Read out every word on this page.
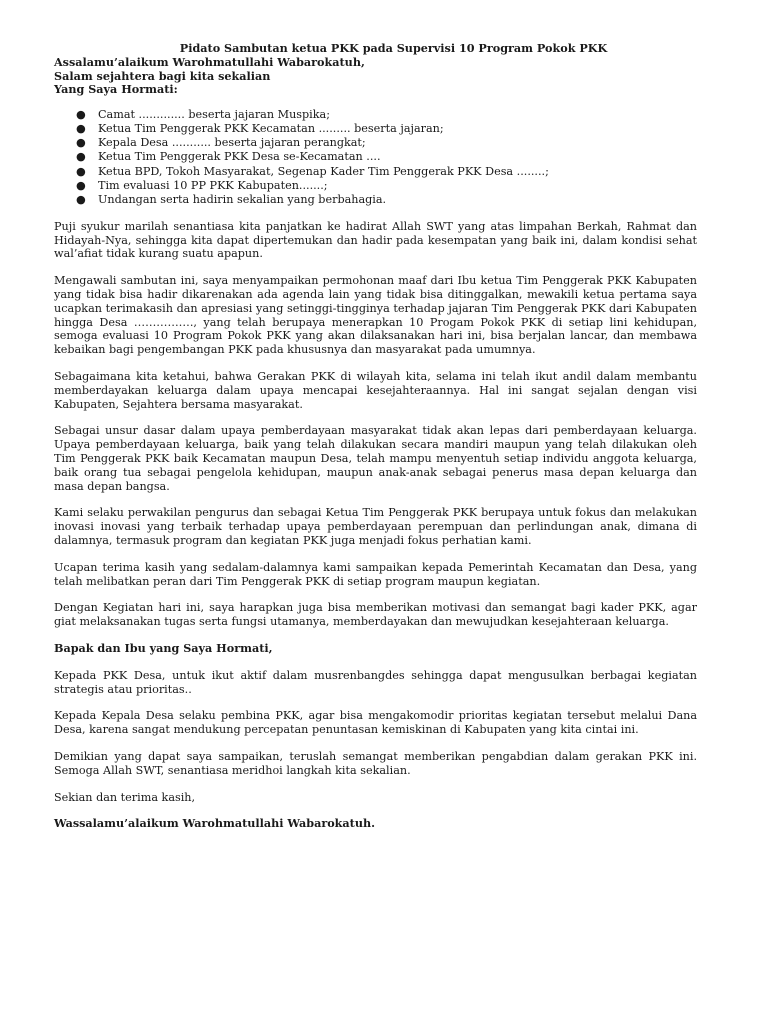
Pidato Sambutan ketua PKK pada Supervisi 10 Program Pokok PKK

Assalamu’alaikum Warohmatullahi Wabarokatuh,

Salam sejahtera bagi kita sekalian

Yang Saya Hormati:

● Camat ............. beserta jajaran Muspika;
● Ketua Tim Penggerak PKK Kecamatan ......... beserta jajaran;
● Kepala Desa ........... beserta jajaran perangkat;
● Ketua Tim Penggerak PKK Desa se-Kecamatan ....
● Ketua BPD, Tokoh Masyarakat, Segenap Kader Tim Penggerak PKK Desa ........;
● Tim evaluasi 10 PP PKK Kabupaten.......;
● Undangan serta hadirin sekalian yang berbahagia.

Puji syukur marilah senantiasa kita panjatkan ke hadirat Allah SWT yang atas limpahan Berkah, Rahmat dan Hidayah-Nya, sehingga kita dapat dipertemukan dan hadir pada kesempatan yang baik ini, dalam kondisi sehat wal’afiat tidak kurang suatu apapun.

Mengawali sambutan ini, saya menyampaikan permohonan maaf dari Ibu ketua Tim Penggerak PKK Kabupaten yang tidak bisa hadir dikarenakan ada agenda lain yang tidak bisa ditinggalkan, mewakili ketua pertama saya ucapkan terimakasih dan apresiasi yang setinggi-tingginya terhadap jajaran Tim Penggerak PKK dari Kabupaten hingga Desa ……………., yang telah berupaya menerapkan 10 Progam Pokok PKK di setiap lini kehidupan, semoga evaluasi 10 Program Pokok PKK yang akan dilaksanakan hari ini, bisa berjalan lancar, dan membawa kebaikan bagi pengembangan PKK pada khususnya dan masyarakat pada umumnya.

Sebagaimana kita ketahui, bahwa Gerakan PKK di wilayah kita, selama ini telah ikut andil dalam membantu memberdayakan keluarga dalam upaya mencapai kesejahteraannya. Hal ini sangat sejalan dengan visi Kabupaten, Sejahtera bersama masyarakat.

Sebagai unsur dasar dalam upaya pemberdayaan masyarakat tidak akan lepas dari pemberdayaan keluarga. Upaya pemberdayaan keluarga, baik yang telah dilakukan secara mandiri maupun yang telah dilakukan oleh Tim Penggerak PKK baik Kecamatan maupun Desa, telah mampu menyentuh setiap individu anggota keluarga, baik orang tua sebagai pengelola kehidupan, maupun anak-anak sebagai penerus masa depan keluarga dan masa depan bangsa.

Kami selaku perwakilan pengurus dan sebagai Ketua Tim Penggerak PKK berupaya untuk fokus dan melakukan inovasi inovasi yang terbaik terhadap upaya pemberdayaan perempuan dan perlindungan anak, dimana di dalamnya, termasuk program dan kegiatan PKK juga menjadi fokus perhatian kami.

Ucapan terima kasih yang sedalam-dalamnya kami sampaikan kepada Pemerintah Kecamatan dan Desa, yang telah melibatkan peran dari Tim Penggerak PKK di setiap program maupun kegiatan.

Dengan Kegiatan hari ini, saya harapkan juga bisa memberikan motivasi dan semangat bagi kader PKK, agar giat melaksanakan tugas serta fungsi utamanya, memberdayakan dan mewujudkan kesejahteraan keluarga.

Bapak dan Ibu yang Saya Hormati,

Kepada PKK Desa, untuk ikut aktif dalam musrenbangdes sehingga dapat mengusulkan berbagai kegiatan strategis atau prioritas..

Kepada Kepala Desa selaku pembina PKK, agar bisa mengakomodir prioritas kegiatan tersebut melalui Dana Desa, karena sangat mendukung percepatan penuntasan kemiskinan di Kabupaten yang kita cintai ini.

Demikian yang dapat saya sampaikan, teruslah semangat memberikan pengabdian dalam gerakan PKK ini. Semoga Allah SWT, senantiasa meridhoi langkah kita sekalian.

Sekian dan terima kasih,

Wassalamu’alaikum Warohmatullahi Wabarokatuh.
